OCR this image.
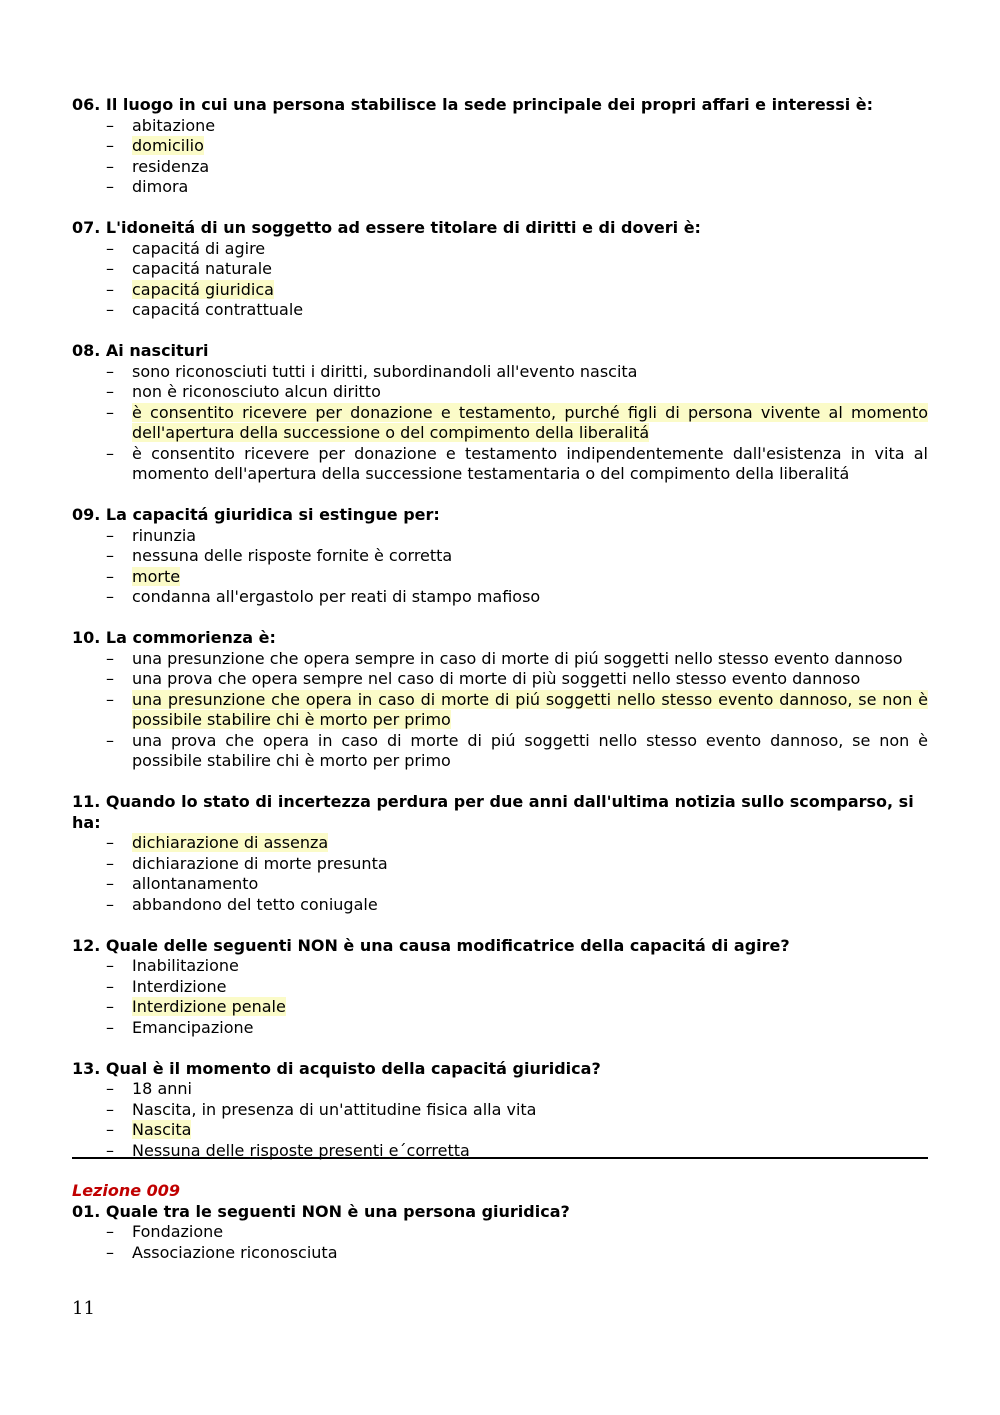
06. Il luogo in cui una persona stabilisce la sede principale dei propri affari e interessi è:
– abitazione
– domicilio
– residenza
– dimora
07. L'idoneitá di un soggetto ad essere titolare di diritti e di doveri è:
– capacitá di agire
– capacitá naturale
– capacitá giuridica
– capacitá contrattuale
08. Ai nascituri
– sono riconosciuti tutti i diritti, subordinandoli all'evento nascita
– non è riconosciuto alcun diritto
– è consentito ricevere per donazione e testamento, purché figli di persona vivente al momento dell'apertura della successione o del compimento della liberalitá
– è consentito ricevere per donazione e testamento indipendentemente dall'esistenza in vita al momento dell'apertura della successione testamentaria o del compimento della liberalitá
09. La capacitá giuridica si estingue per:
– rinunzia
– nessuna delle risposte fornite è corretta
– morte
– condanna all'ergastolo per reati di stampo mafioso
10. La commorienza è:
– una presunzione che opera sempre in caso di morte di piú soggetti nello stesso evento dannoso
– una prova che opera sempre nel caso di morte di più soggetti nello stesso evento dannoso
– una presunzione che opera in caso di morte di piú soggetti nello stesso evento dannoso, se non è possibile stabilire chi è morto per primo
– una prova che opera in caso di morte di piú soggetti nello stesso evento dannoso, se non è possibile stabilire chi è morto per primo
11. Quando lo stato di incertezza perdura per due anni dall'ultima notizia sullo scomparso, si ha:
– dichiarazione di assenza
– dichiarazione di morte presunta
– allontanamento
– abbandono del tetto coniugale
12. Quale delle seguenti NON è una causa modificatrice della capacitá di agire?
– Inabilitazione
– Interdizione
– Interdizione penale
– Emancipazione
13. Qual è il momento di acquisto della capacitá giuridica?
– 18 anni
– Nascita, in presenza di un'attitudine fisica alla vita
– Nascita
– Nessuna delle risposte presenti e´corretta
Lezione 009
01. Quale tra le seguenti NON è una persona giuridica?
– Fondazione
– Associazione riconosciuta
11
